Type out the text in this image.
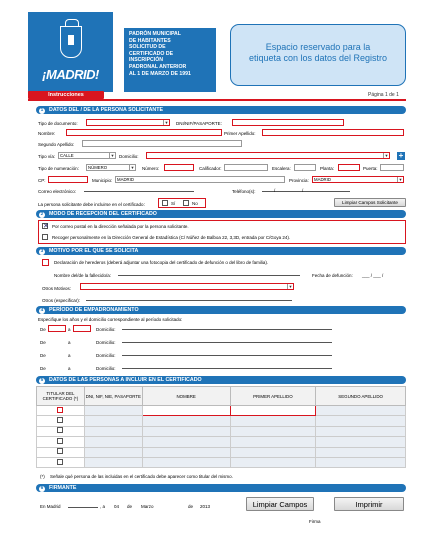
¡MADRID!
PADRÓN MUNICIPAL
DE HABITANTES
SOLICITUD DE
CERTIFICADO DE
INSCRIPCIÓN
PADRONAL ANTERIOR
AL 1 DE MARZO DE 1991
Espacio reservado para la
etiqueta con los datos del Registro
Instrucciones	Página 1 de 1
1 DATOS DEL / DE LA PERSONA SOLICITANTE
Tipo de documento:	▼ DNI/NIF/PASAPORTE:
Nombre:	Primer Apellido:
Segundo Apellido:
Tipo vía:	CALLE	▼ Domicilio:	▼ +
Tipo de numeración:	NÚMERO	▼ Número:	Calificador:	Escalera:	Planta:	Puerta:
CP:	Municipio:	MADRID	Provincia:	MADRID	▼
Correo electrónico:	Teléfono(s):	/	/
La persona solicitante debe incluirse en el certificado:	Sí	No	Limpiar Campos Solicitante
2 MODO DE RECEPCION DEL CERTIFICADO
✕ Por correo postal en la dirección señalada por la persona solicitante.
Recoger personalmente en la Dirección General de Estadística (C/ Núñez de Balboa 22, 3,3D, entrada por C/Goya 24).
3 MOTIVO POR EL QUE SE SOLICITA
Declaración de herederos (deberá adjuntar una fotocopia del certificado de defunción o del libro de familia).
Nombre del/de la fallecido/a:	Fecha de defunción: ___ / ___ /
Otros Motivos:	▼
Otros (especificar):
4 PERÍODO DE EMPADRONAMIENTO
Especifique los años y el domicilio correspondiente al período solicitado:
De	a	Domicilio:
De	a	Domicilio:
De	a	Domicilio:
De	a	Domicilio:
5 DATOS DE LAS PERSONAS A INCLUIR EN EL CERTIFICADO
TITULAR DEL CERTIFICADO (*)	DNI, NIF, NIE, PASAPORTE	NOMBRE	PRIMER APELLIDO	SEGUNDO APELLIDO

(*) Señale qué persona de las incluidas en el certificado debe aparecer como titular del mismo.
6 FIRMANTE
En Madrid	, a 04 de Marzo	de 2013	Limpiar Campos	Imprimir
Firma
